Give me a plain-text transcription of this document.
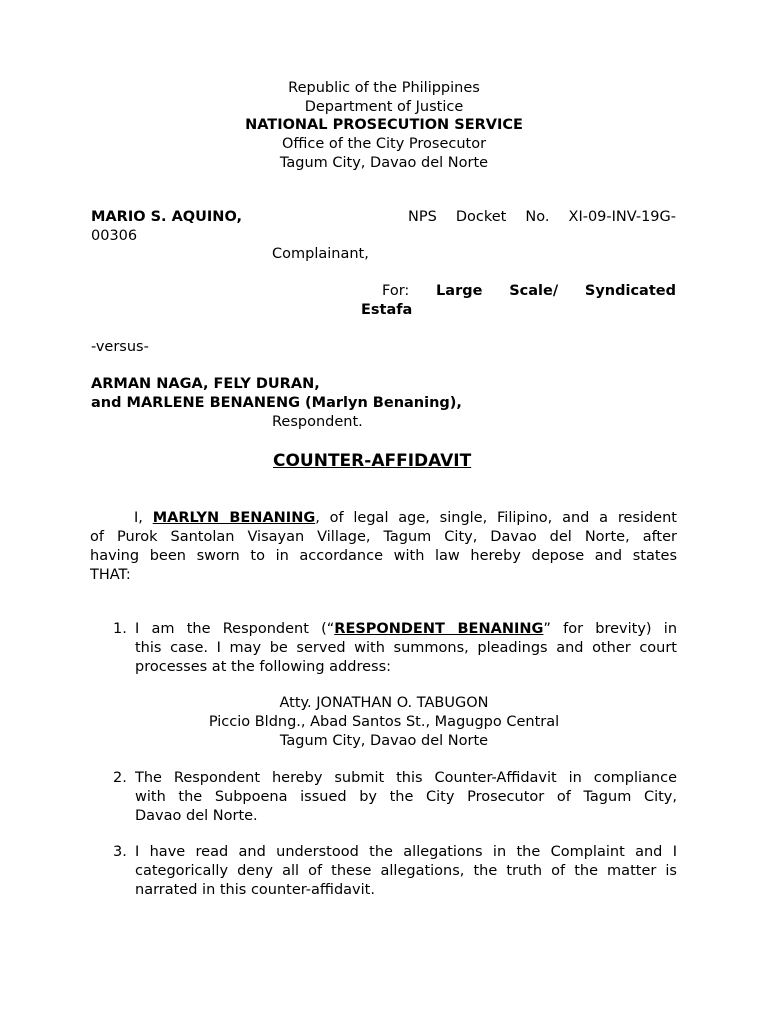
Republic of the Philippines
Department of Justice
NATIONAL PROSECUTION SERVICE
Office of the City Prosecutor
Tagum City, Davao del Norte
MARIO S. AQUINO,	NPS Docket No. XI-09-INV-19G-
00306
Complainant,
For: Large Scale/ Syndicated
Estafa
-versus-
ARMAN NAGA, FELY DURAN,
and MARLENE BENANENG (Marlyn Benaning),
Respondent.
COUNTER-AFFIDAVIT
I, MARLYN BENANING, of legal age, single, Filipino, and a resident
of Purok Santolan Visayan Village, Tagum City, Davao del Norte, after
having been sworn to in accordance with law hereby depose and states
THAT:
1. I am the Respondent (“RESPONDENT BENANING” for brevity) in
this case. I may be served with summons, pleadings and other court
processes at the following address:
Atty. JONATHAN O. TABUGON
Piccio Bldng., Abad Santos St., Magugpo Central
Tagum City, Davao del Norte
2. The Respondent hereby submit this Counter-Affidavit in compliance
with the Subpoena issued by the City Prosecutor of Tagum City,
Davao del Norte.
3. I have read and understood the allegations in the Complaint and I
categorically deny all of these allegations, the truth of the matter is
narrated in this counter-affidavit.
